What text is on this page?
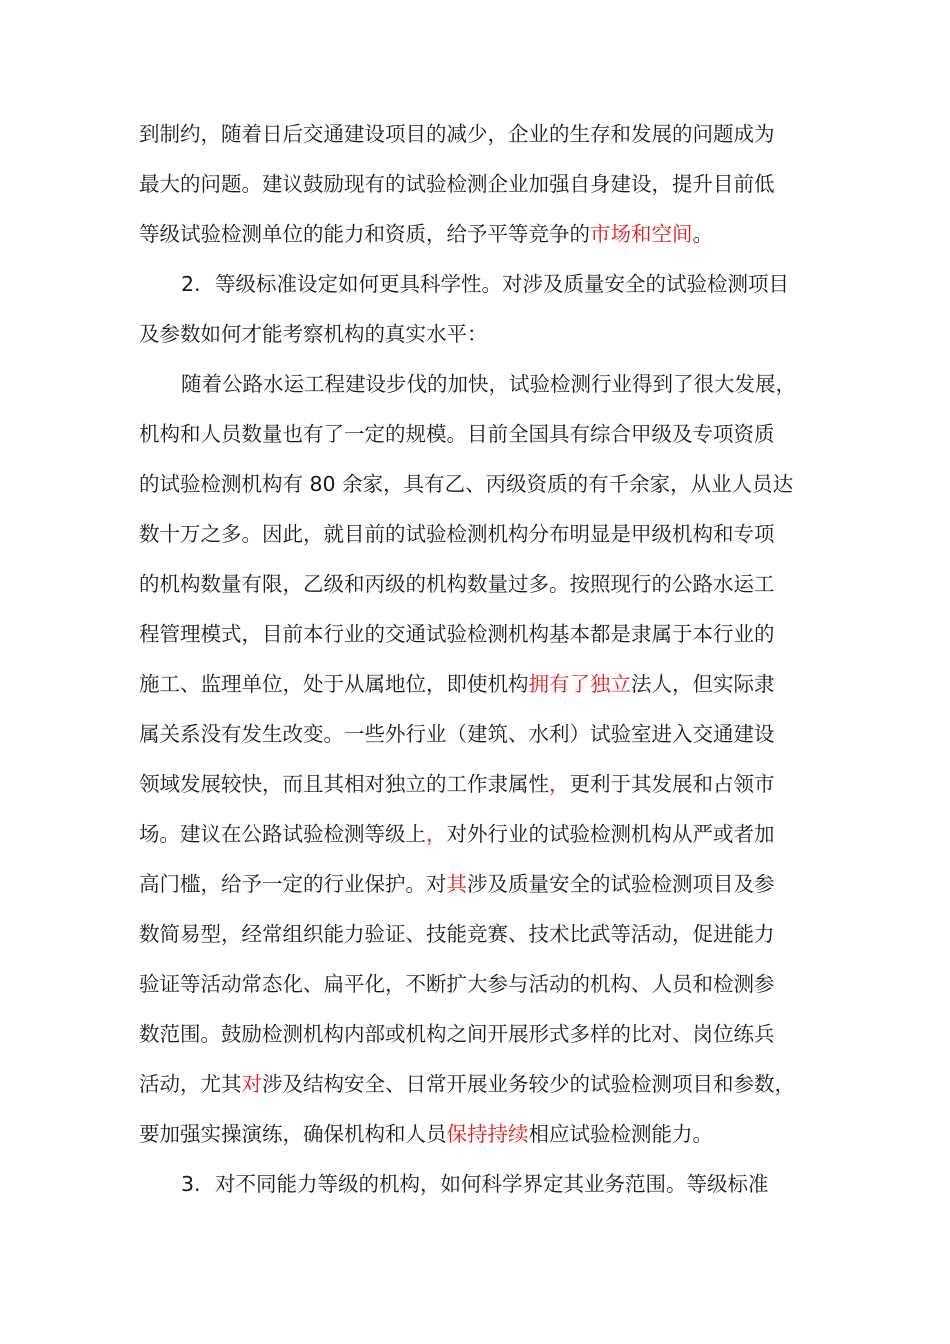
到制约，随着日后交通建设项目的减少，企业的生存和发展的问题成为
最大的问题。建议鼓励现有的试验检测企业加强自身建设，提升目前低
等级试验检测单位的能力和资质，给予平等竞争的市场和空间。
2. 等级标准设定如何更具科学性。对涉及质量安全的试验检测项目
及参数如何才能考察机构的真实水平：
随着公路水运工程建设步伐的加快，试验检测行业得到了很大发展，
机构和人员数量也有了一定的规模。目前全国具有综合甲级及专项资质
的试验检测机构有 80 余家，具有乙、丙级资质的有千余家，从业人员达
数十万之多。因此，就目前的试验检测机构分布明显是甲级机构和专项
的机构数量有限，乙级和丙级的机构数量过多。按照现行的公路水运工
程管理模式，目前本行业的交通试验检测机构基本都是隶属于本行业的
施工、监理单位，处于从属地位，即使机构拥有了独立法人，但实际隶
属关系没有发生改变。一些外行业（建筑、水利）试验室进入交通建设
领域发展较快，而且其相对独立的工作隶属性，更利于其发展和占领市
场。建议在公路试验检测等级上，对外行业的试验检测机构从严或者加
高门槛，给予一定的行业保护。对其涉及质量安全的试验检测项目及参
数简易型，经常组织能力验证、技能竞赛、技术比武等活动，促进能力
验证等活动常态化、扁平化，不断扩大参与活动的机构、人员和检测参
数范围。鼓励检测机构内部或机构之间开展形式多样的比对、岗位练兵
活动，尤其对涉及结构安全、日常开展业务较少的试验检测项目和参数，
要加强实操演练，确保机构和人员保持持续相应试验检测能力。
3. 对不同能力等级的机构，如何科学界定其业务范围。等级标准
